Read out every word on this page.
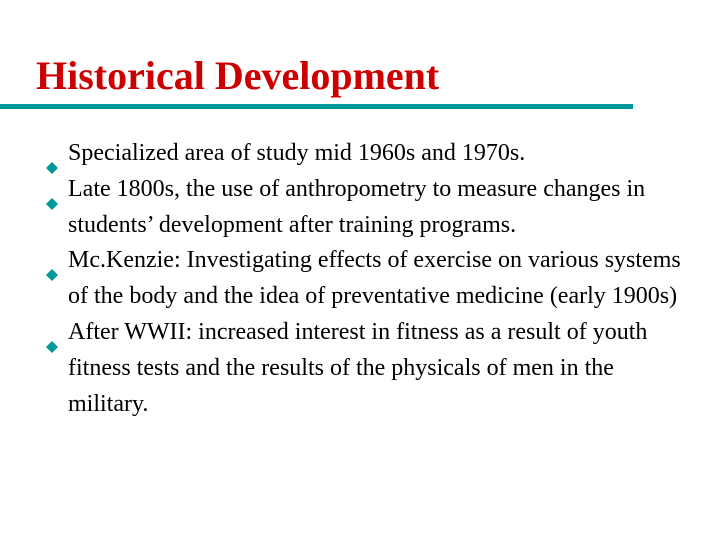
Historical Development
Specialized area of study mid 1960s and 1970s.
Late 1800s, the use of anthropometry to measure changes in students’ development after training programs.
Mc.Kenzie: Investigating effects of exercise on various systems of the body and the idea of preventative medicine (early 1900s)
After WWII: increased interest in fitness as a result of youth fitness tests and the results of the physicals of men in the military.
